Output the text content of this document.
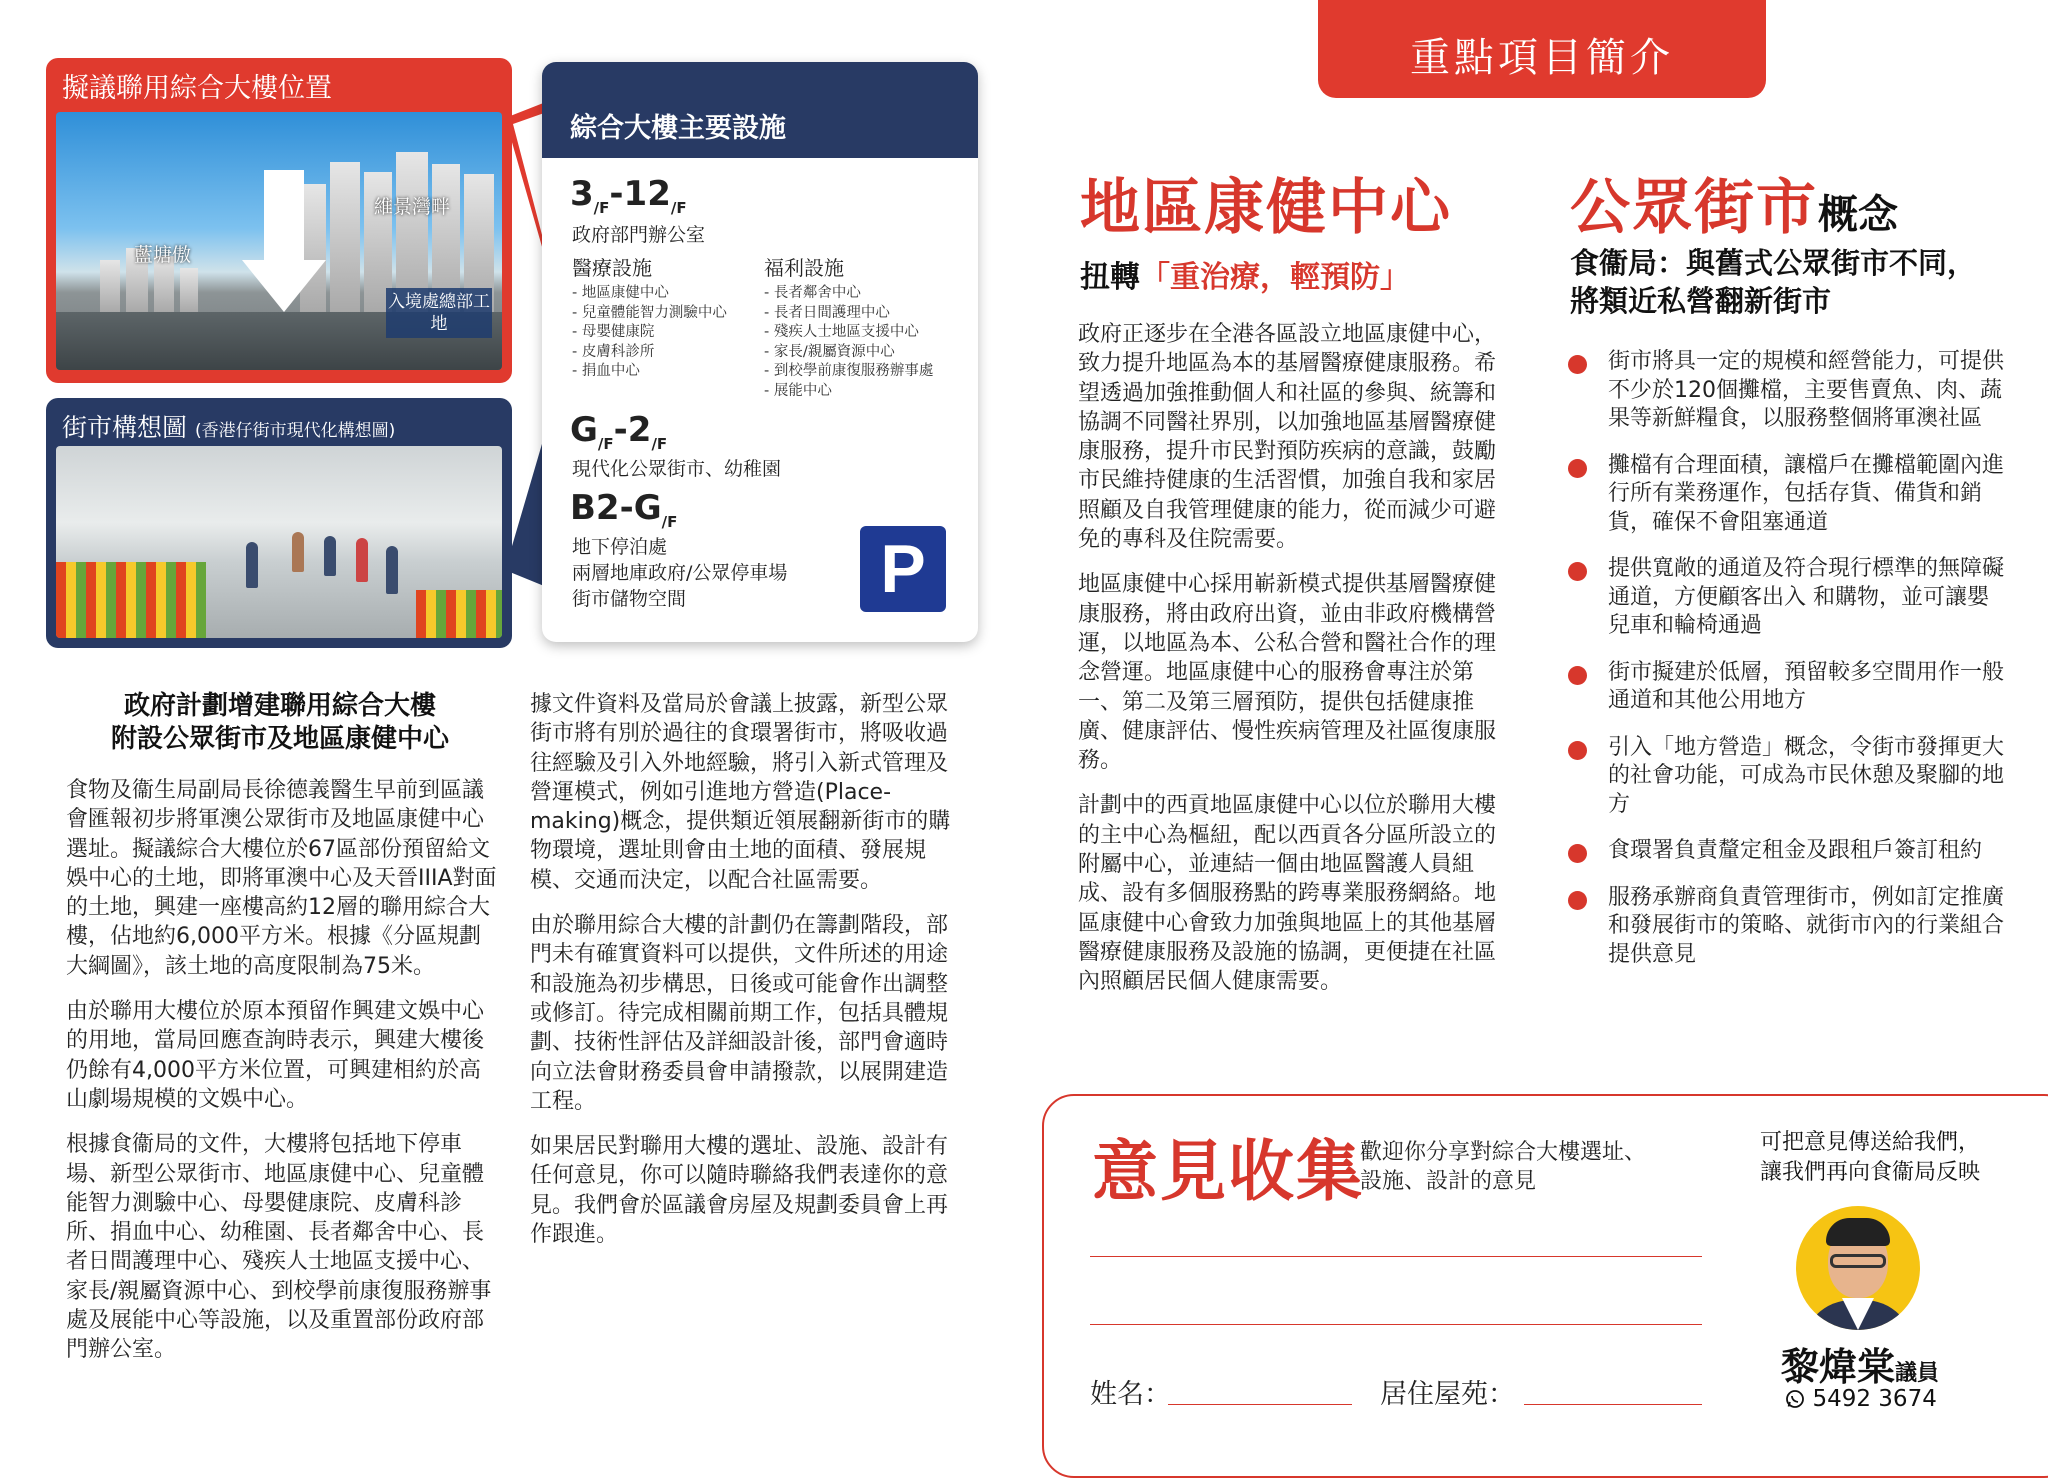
擬議聯用綜合大樓位置
維景灣畔
藍塘傲
入境處總部工地
街市構想圖 (香港仔街市現代化構想圖)
綜合大樓主要設施
$3_{/F}-12_{/F}$
政府部門辦公室
醫療設施
- 地區康健中心
- 兒童體能智力測驗中心
- 母嬰健康院
- 皮膚科診所
- 捐血中心
福利設施
- 長者鄰舍中心
- 長者日間護理中心
- 殘疾人士地區支援中心
- 家長/親屬資源中心
- 到校學前康復服務辦事處
- 展能中心
$G_{/F}-2_{/F}$
現代化公眾街市、幼稚園
$B2-G_{/F}$
地下停泊處
兩層地庫政府/公眾停車場
街市儲物空間	P
政府計劃增建聯用綜合大樓
附設公眾街市及地區康健中心

食物及衞生局副局長徐德義醫生早前到區議會匯報初步將軍澳公眾街市及地區康健中心選址。擬議綜合大樓位於67區部份預留給文娛中心的土地，即將軍澳中心及天晉IIIA對面的土地，興建一座樓高約12層的聯用綜合大樓，佔地約6,000平方米。根據《分區規劃大綱圖》，該土地的高度限制為75米。

由於聯用大樓位於原本預留作興建文娛中心的用地，當局回應查詢時表示，興建大樓後仍餘有4,000平方米位置，可興建相約於高山劇場規模的文娛中心。

根據食衞局的文件，大樓將包括地下停車場、新型公眾街市、地區康健中心、兒童體能智力測驗中心、母嬰健康院、皮膚科診所、捐血中心、幼稚園、長者鄰舍中心、長者日間護理中心、殘疾人士地區支援中心、家長/親屬資源中心、到校學前康復服務辦事處及展能中心等設施，以及重置部份政府部門辦公室。

據文件資料及當局於會議上披露，新型公眾街市將有別於過往的食環署街市，將吸收過往經驗及引入外地經驗，將引入新式管理及營運模式，例如引進地方營造(Place-making)概念，提供類近領展翻新街市的購物環境，選址則會由土地的面積、發展規模、交通而決定，以配合社區需要。

由於聯用綜合大樓的計劃仍在籌劃階段，部門未有確實資料可以提供，文件所述的用途和設施為初步構思，日後或可能會作出調整或修訂。待完成相關前期工作，包括具體規劃、技術性評估及詳細設計後，部門會適時向立法會財務委員會申請撥款，以展開建造工程。

如果居民對聯用大樓的選址、設施、設計有任何意見，你可以隨時聯絡我們表達你的意見。我們會於區議會房屋及規劃委員會上再作跟進。

重點項目簡介
地區康健中心
扭轉「重治療，輕預防」

政府正逐步在全港各區設立地區康健中心，致力提升地區為本的基層醫療健康服務。希望透過加強推動個人和社區的參與、統籌和協調不同醫社界別，以加強地區基層醫療健康服務，提升市民對預防疾病的意識，鼓勵市民維持健康的生活習慣，加強自我和家居照顧及自我管理健康的能力，從而減少可避免的專科及住院需要。

地區康健中心採用嶄新模式提供基層醫療健康服務，將由政府出資，並由非政府機構營運，以地區為本、公私合營和醫社合作的理念營運。地區康健中心的服務會專注於第一、第二及第三層預防，提供包括健康推廣、健康評估、慢性疾病管理及社區復康服務。

計劃中的西貢地區康健中心以位於聯用大樓的主中心為樞紐，配以西貢各分區所設立的附屬中心，並連結一個由地區醫護人員組成、設有多個服務點的跨專業服務網絡。地區康健中心會致力加強與地區上的其他基層醫療健康服務及設施的協調，更便捷在社區內照顧居民個人健康需要。

公眾街市概念
食衞局：與舊式公眾街市不同，
將類近私營翻新街市
街市將具一定的規模和經營能力，可提供不少於120個攤檔，主要售賣魚、肉、蔬果等新鮮糧食，以服務整個將軍澳社區
攤檔有合理面積，讓檔戶在攤檔範圍內進行所有業務運作，包括存貨、備貨和銷貨，確保不會阻塞通道
提供寬敞的通道及符合現行標準的無障礙通道，方便顧客出入 和購物，並可讓嬰兒車和輪椅通過
街市擬建於低層，預留較多空間用作一般通道和其他公用地方
引入「地方營造」概念，令街市發揮更大的社會功能，可成為市民休憩及聚腳的地方
食環署負責釐定租金及跟租戶簽訂租約
服務承辦商負責管理街市，例如訂定推廣和發展街市的策略、就街市內的行業組合提供意見
意見收集
歡迎你分享對綜合大樓選址、
設施、設計的意見
姓名：	居住屋苑：
可把意見傳送給我們，
讓我們再向食衞局反映
黎煒棠議員
5492 3674
